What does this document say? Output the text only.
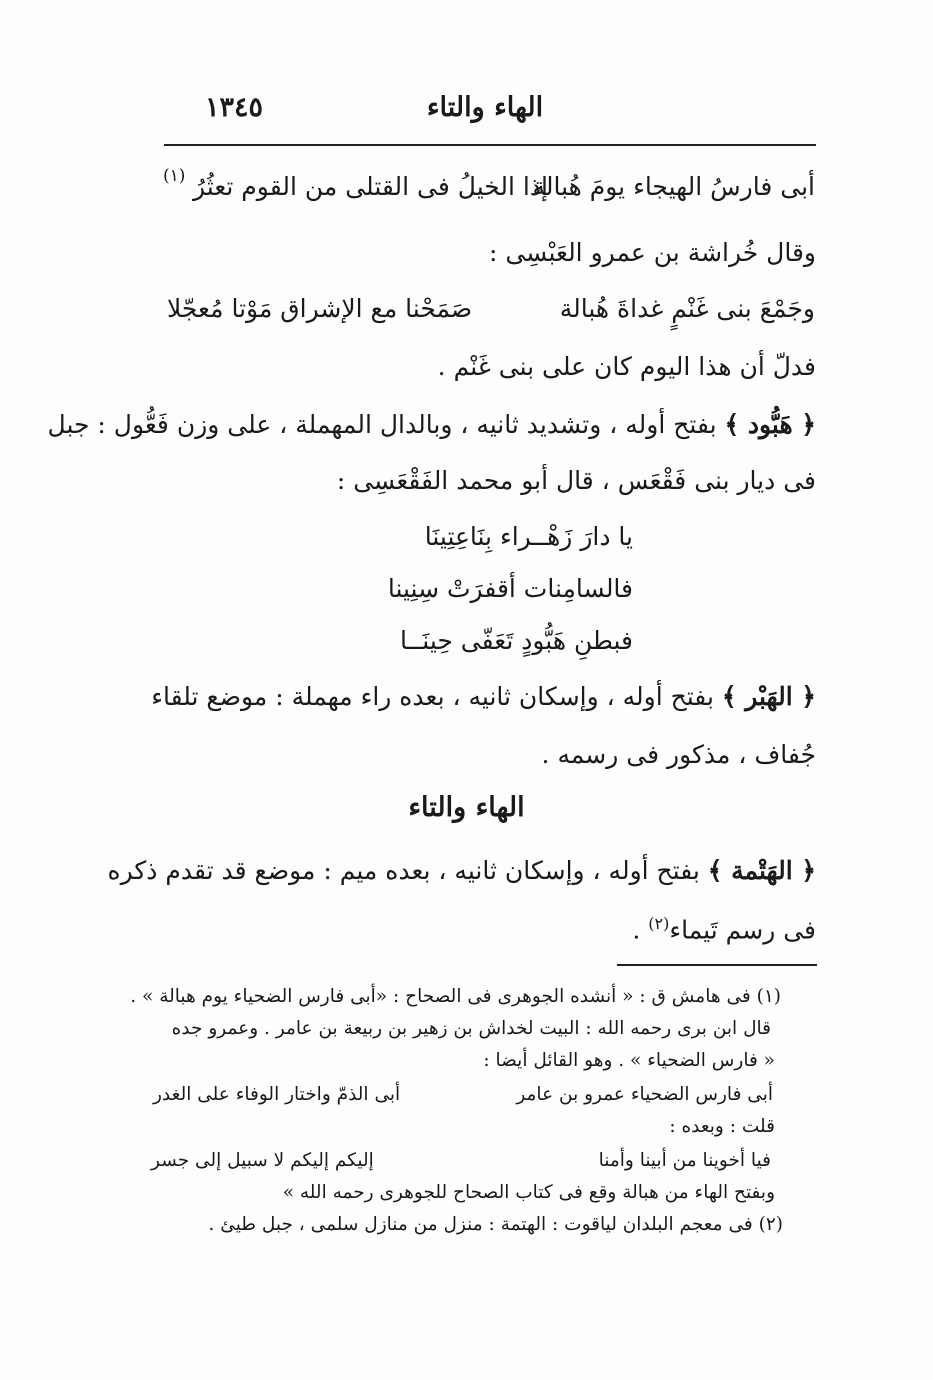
١٣٤٥	الهاء والتاء
أبى فارسُ الهيجاء يومَ هُبالة
إذا الخيلُ فى القتلى من القوم تعثُرُ
(١)
وقال خُراشة بن عمرو العَبْسِى :
وجَمْعَ بنى غَنْمٍ غداةَ هُبالة
صَمَحْنا مع الإشراق مَوْتا مُعجّلا
فدلّ أن هذا اليوم كان على بنى غَنْم .
﴿ هَبُّود ﴾ بفتح أوله ، وتشديد ثانيه ، وبالدال المهملة ، على وزن فَعُّول : جبل
فى ديار بنى فَقْعَس ، قال أبو محمد الفَقْعَسِى :
يا دارَ زَهْــراء بِنَاعِتِينَا
فالسامِنات أقفرَتْ سِنِينا
فبطنِ هَبُّودٍ تَعَفّى حِينَــا
﴿ الهَبْر ﴾ بفتح أوله ، وإسكان ثانيه ، بعده راء مهملة : موضع تلقاء
جُفاف ، مذكور فى رسمه .
الهاء والتاء
﴿ الهَتْمة ﴾ بفتح أوله ، وإسكان ثانيه ، بعده ميم : موضع قد تقدم ذكره
فى رسم تَيماء$^{(٢)}$ .
(١) فى هامش ق : « أنشده الجوهرى فى الصحاح : «أبى فارس الضحياء يوم هبالة » .
قال ابن برى رحمه الله : البيت لخداش بن زهير بن ربيعة بن عامر . وعمرو جده
« فارس الضحياء » . وهو القائل أيضا :
أبى فارس الضحياء عمرو بن عامر
أبى الذمّ واختار الوفاء على الغدر
قلت : وبعده :
فيا أخوينا من أبينا وأمنا
إليكم إليكم لا سبيل إلى جسر
وبفتح الهاء من هبالة وقع فى كتاب الصحاح للجوهرى رحمه الله »
(٢) فى معجم البلدان لياقوت : الهتمة : منزل من منازل سلمى ، جبل طيئ .
